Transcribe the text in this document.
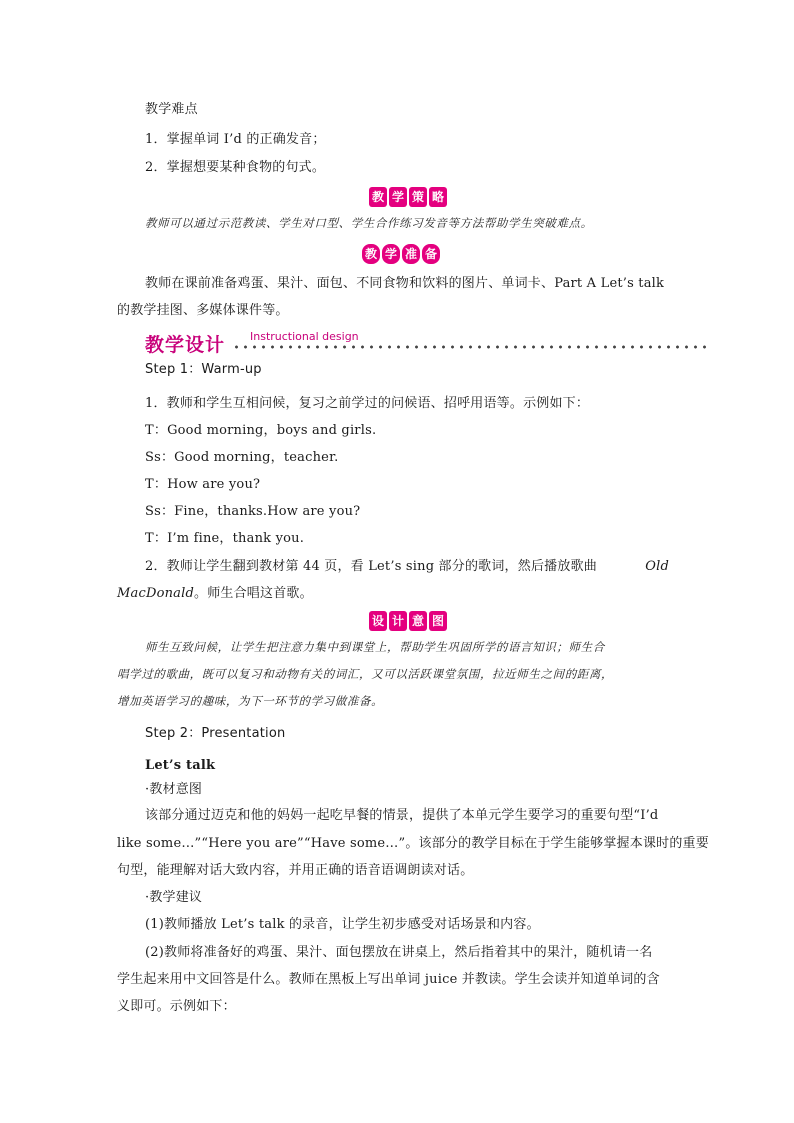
教学难点
1．掌握单词 I’d 的正确发音；
2．掌握想要某种食物的句式。
教 学 策 略
教师可以通过示范教读、学生对口型、学生合作练习发音等方法帮助学生突破难点。
教 学 准 备
教师在课前准备鸡蛋、果汁、面包、不同食物和饮料的图片、单词卡、Part A Let’s talk
的教学挂图、多媒体课件等。
教学设计 Instructional design
Step 1：Warm-up
1．教师和学生互相问候，复习之前学过的问候语、招呼用语等。示例如下：
T：Good morning，boys and girls.
Ss：Good morning，teacher.
T：How are you?
Ss：Fine，thanks.How are you?
T：I’m fine，thank you.
2．教师让学生翻到教材第 44 页，看 Let’s sing 部分的歌词，然后播放歌曲	Old
MacDonald。师生合唱这首歌。
设 计 意 图
师生互致问候，让学生把注意力集中到课堂上，帮助学生巩固所学的语言知识；师生合
唱学过的歌曲，既可以复习和动物有关的词汇，又可以活跃课堂氛围，拉近师生之间的距离，
增加英语学习的趣味，为下一环节的学习做准备。
Step 2：Presentation
Let’s talk
·教材意图
该部分通过迈克和他的妈妈一起吃早餐的情景，提供了本单元学生要学习的重要句型“I’d
like some…”“Here you are”“Have some…”。该部分的教学目标在于学生能够掌握本课时的重要
句型，能理解对话大致内容，并用正确的语音语调朗读对话。
·教学建议
(1)教师播放 Let’s talk 的录音，让学生初步感受对话场景和内容。
(2)教师将准备好的鸡蛋、果汁、面包摆放在讲桌上，然后指着其中的果汁，随机请一名
学生起来用中文回答是什么。教师在黑板上写出单词 juice 并教读。学生会读并知道单词的含
义即可。示例如下：
